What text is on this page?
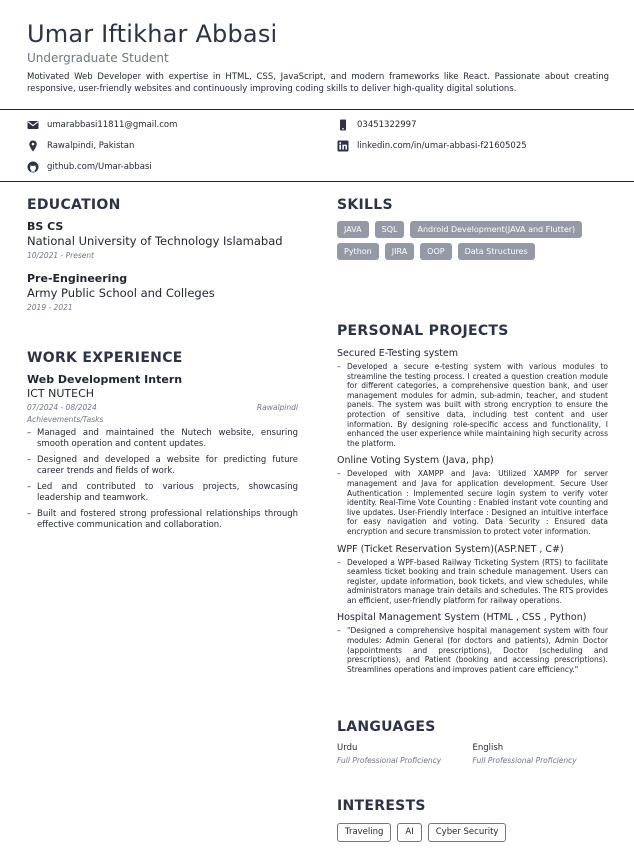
Umar Iftikhar Abbasi
Undergraduate Student
Motivated Web Developer with expertise in HTML, CSS, JavaScript, and modern frameworks like React. Passionate about creating responsive, user-friendly websites and continuously improving coding skills to deliver high-quality digital solutions.
umarabbasi11811@gmail.com	03451322997
Rawalpindi, Pakistan	linkedin.com/in/umar-abbasi-f21605025
github.com/Umar-abbasi
EDUCATION
BS CS
National University of Technology Islamabad
10/2021 - Present
Pre-Engineering
Army Public School and Colleges
2019 - 2021
WORK EXPERIENCE
Web Development Intern
ICT NUTECH
07/2024 - 08/2024	Rawalpindi
Achievements/Tasks
– Managed and maintained the Nutech website, ensuring smooth operation and content updates.
– Designed and developed a website for predicting future career trends and fields of work.
– Led and contributed to various projects, showcasing leadership and teamwork.
– Built and fostered strong professional relationships through effective communication and collaboration.
SKILLS
JAVA	SQL	Android Development(JAVA and Flutter)
Python	JIRA	OOP	Data Structures
PERSONAL PROJECTS
Secured E-Testing system
– Developed a secure e-testing system with various modules to streamline the testing process. I created a question creation module for different categories, a comprehensive question bank, and user management modules for admin, sub-admin, teacher, and student panels. The system was built with strong encryption to ensure the protection of sensitive data, including test content and user information. By designing role-specific access and functionality, I enhanced the user experience while maintaining high security across the platform.
Online Voting System (Java, php)
– Developed with XAMPP and Java: Utilized XAMPP for server management and Java for application development. Secure User Authentication : Implemented secure login system to verify voter identity. Real-Time Vote Counting : Enabled instant vote counting and live updates. User-Friendly Interface : Designed an intuitive interface for easy navigation and voting. Data Security : Ensured data encryption and secure transmission to protect voter information.
WPF (Ticket Reservation System)(ASP.NET , C#)
– Developed a WPF-based Railway Ticketing System (RTS) to facilitate seamless ticket booking and train schedule management. Users can register, update information, book tickets, and view schedules, while administrators manage train details and schedules. The RTS provides an efficient, user-friendly platform for railway operations.
Hospital Management System (HTML , CSS , Python)
– "Designed a comprehensive hospital management system with four modules: Admin General (for doctors and patients), Admin Doctor (appointments and prescriptions), Doctor (scheduling and prescriptions), and Patient (booking and accessing prescriptions). Streamlines operations and improves patient care efficiency."
LANGUAGES
Urdu
Full Professional Proficiency
English
Full Professional Proficiency
INTERESTS
Traveling	AI	Cyber Security
